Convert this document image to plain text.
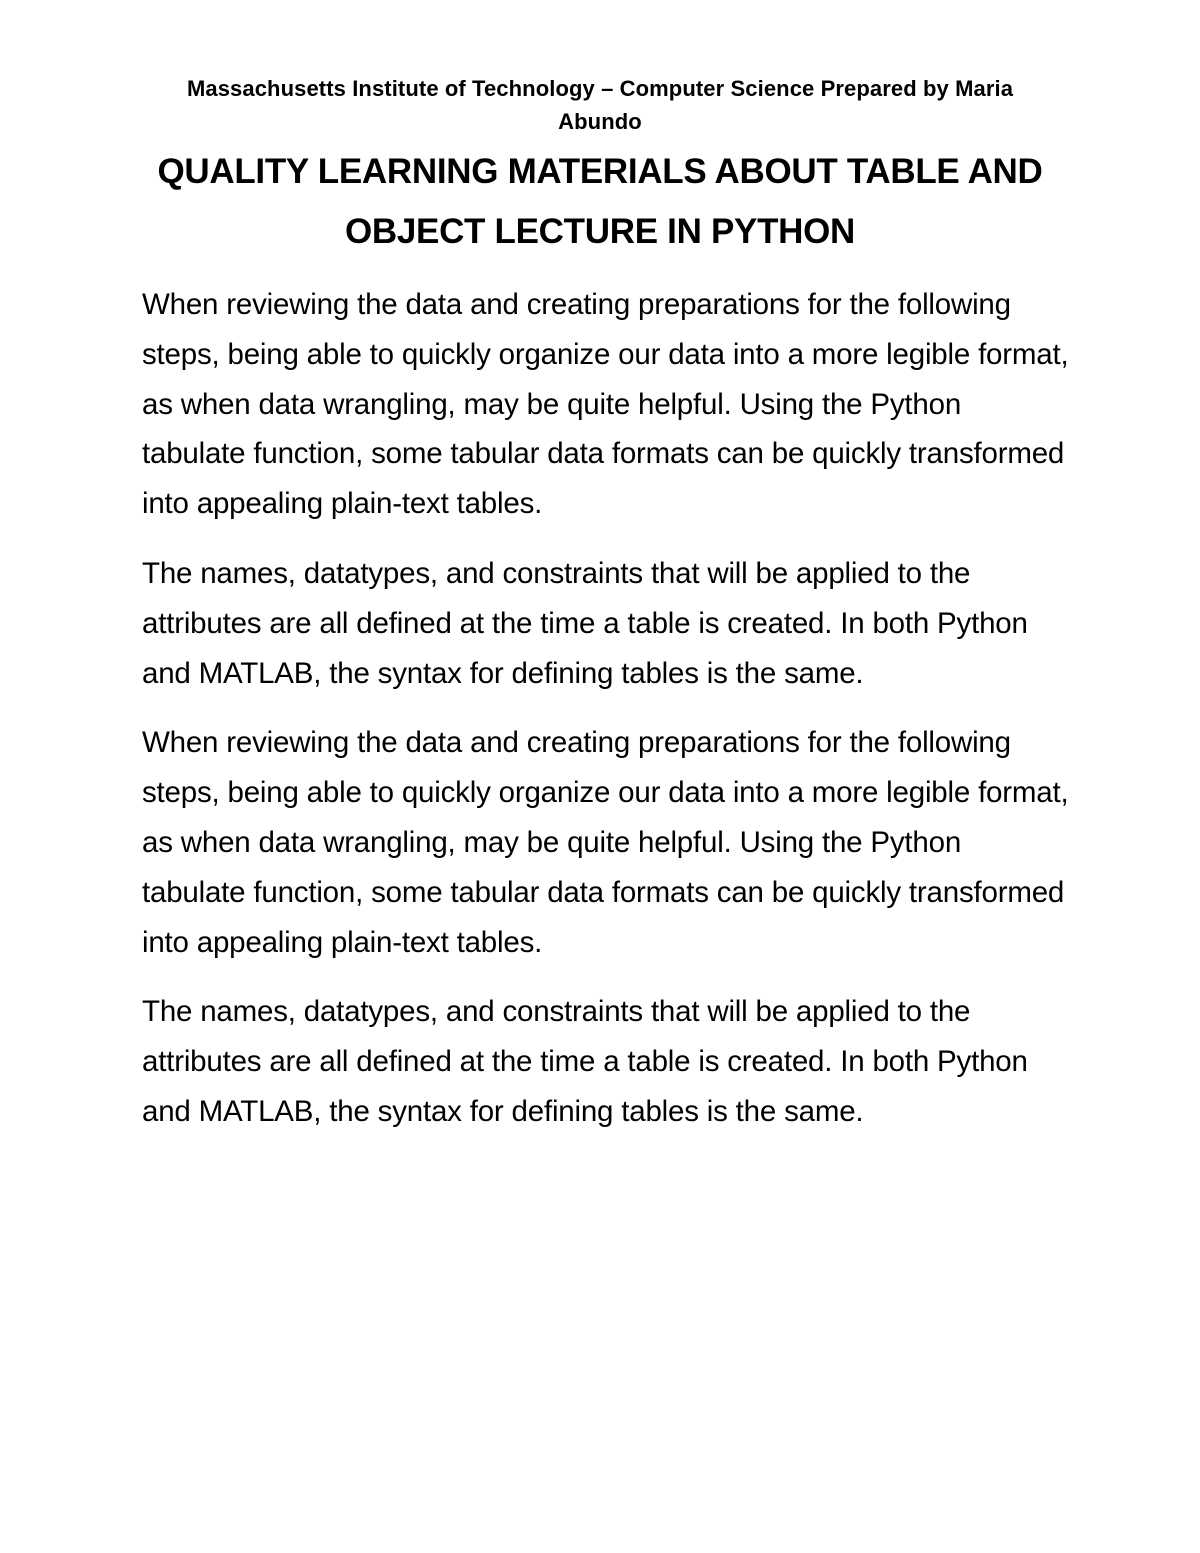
Massachusetts Institute of Technology – Computer Science Prepared by Maria Abundo
QUALITY LEARNING MATERIALS ABOUT TABLE AND OBJECT LECTURE IN PYTHON

When reviewing the data and creating preparations for the following steps, being able to quickly organize our data into a more legible format, as when data wrangling, may be quite helpful. Using the Python tabulate function, some tabular data formats can be quickly transformed into appealing plain-text tables.

The names, datatypes, and constraints that will be applied to the attributes are all defined at the time a table is created. In both Python and MATLAB, the syntax for defining tables is the same.

When reviewing the data and creating preparations for the following steps, being able to quickly organize our data into a more legible format, as when data wrangling, may be quite helpful. Using the Python tabulate function, some tabular data formats can be quickly transformed into appealing plain-text tables.

The names, datatypes, and constraints that will be applied to the attributes are all defined at the time a table is created. In both Python and MATLAB, the syntax for defining tables is the same.
